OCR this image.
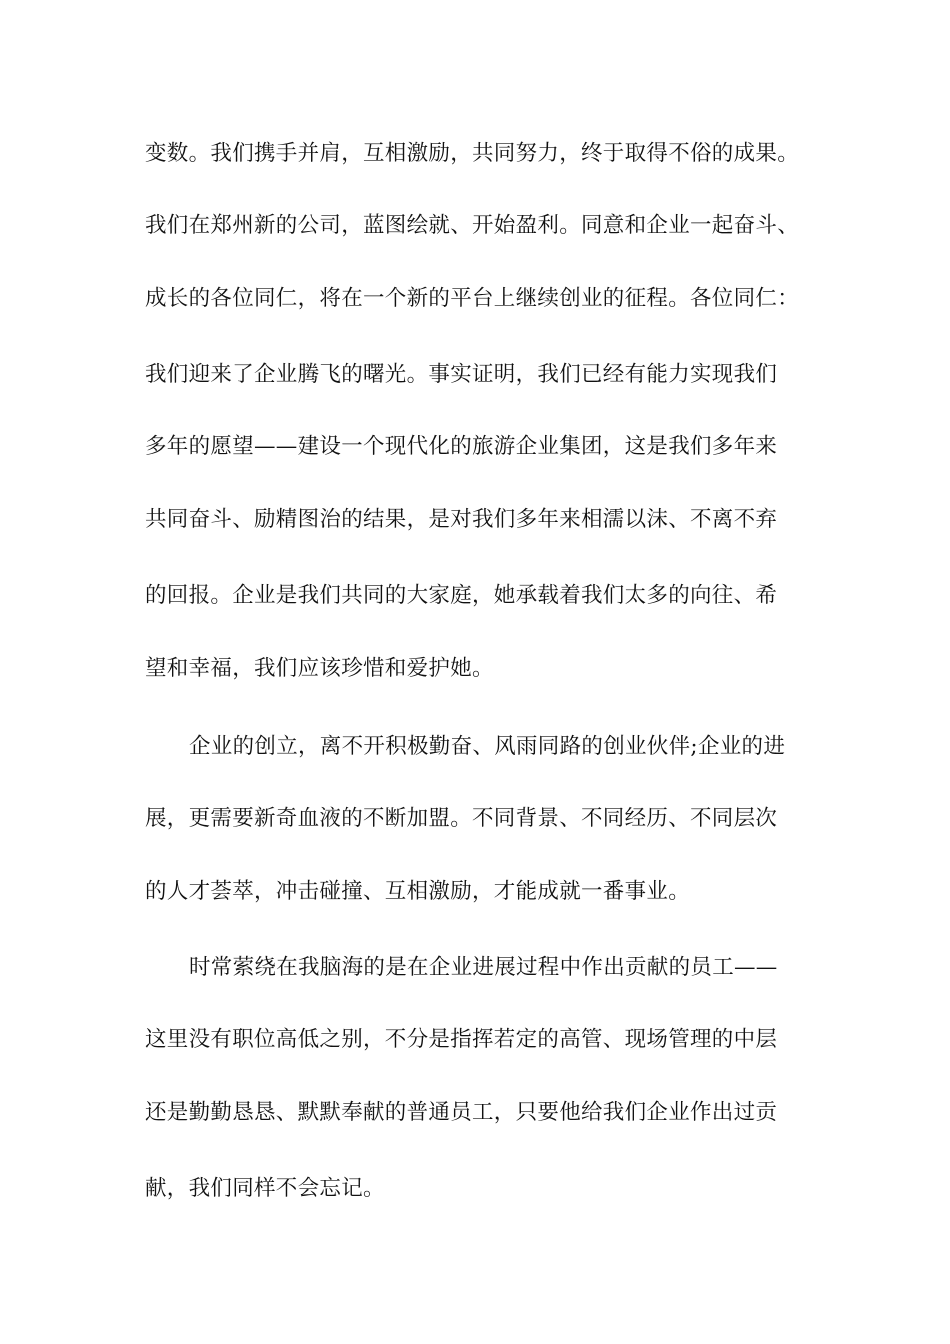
变数。我们携手并肩，互相激励，共同努力，终于取得不俗的成果。
我们在郑州新的公司，蓝图绘就、开始盈利。同意和企业一起奋斗、
成长的各位同仁，将在一个新的平台上继续创业的征程。各位同仁：
我们迎来了企业腾飞的曙光。事实证明，我们已经有能力实现我们
多年的愿望——建设一个现代化的旅游企业集团，这是我们多年来
共同奋斗、励精图治的结果，是对我们多年来相濡以沫、不离不弃
的回报。企业是我们共同的大家庭，她承载着我们太多的向往、希
望和幸福，我们应该珍惜和爱护她。
企业的创立，离不开积极勤奋、风雨同路的创业伙伴;企业的进
展，更需要新奇血液的不断加盟。不同背景、不同经历、不同层次
的人才荟萃，冲击碰撞、互相激励，才能成就一番事业。
时常萦绕在我脑海的是在企业进展过程中作出贡献的员工——
这里没有职位高低之别，不分是指挥若定的高管、现场管理的中层
还是勤勤恳恳、默默奉献的普通员工，只要他给我们企业作出过贡
献，我们同样不会忘记。
